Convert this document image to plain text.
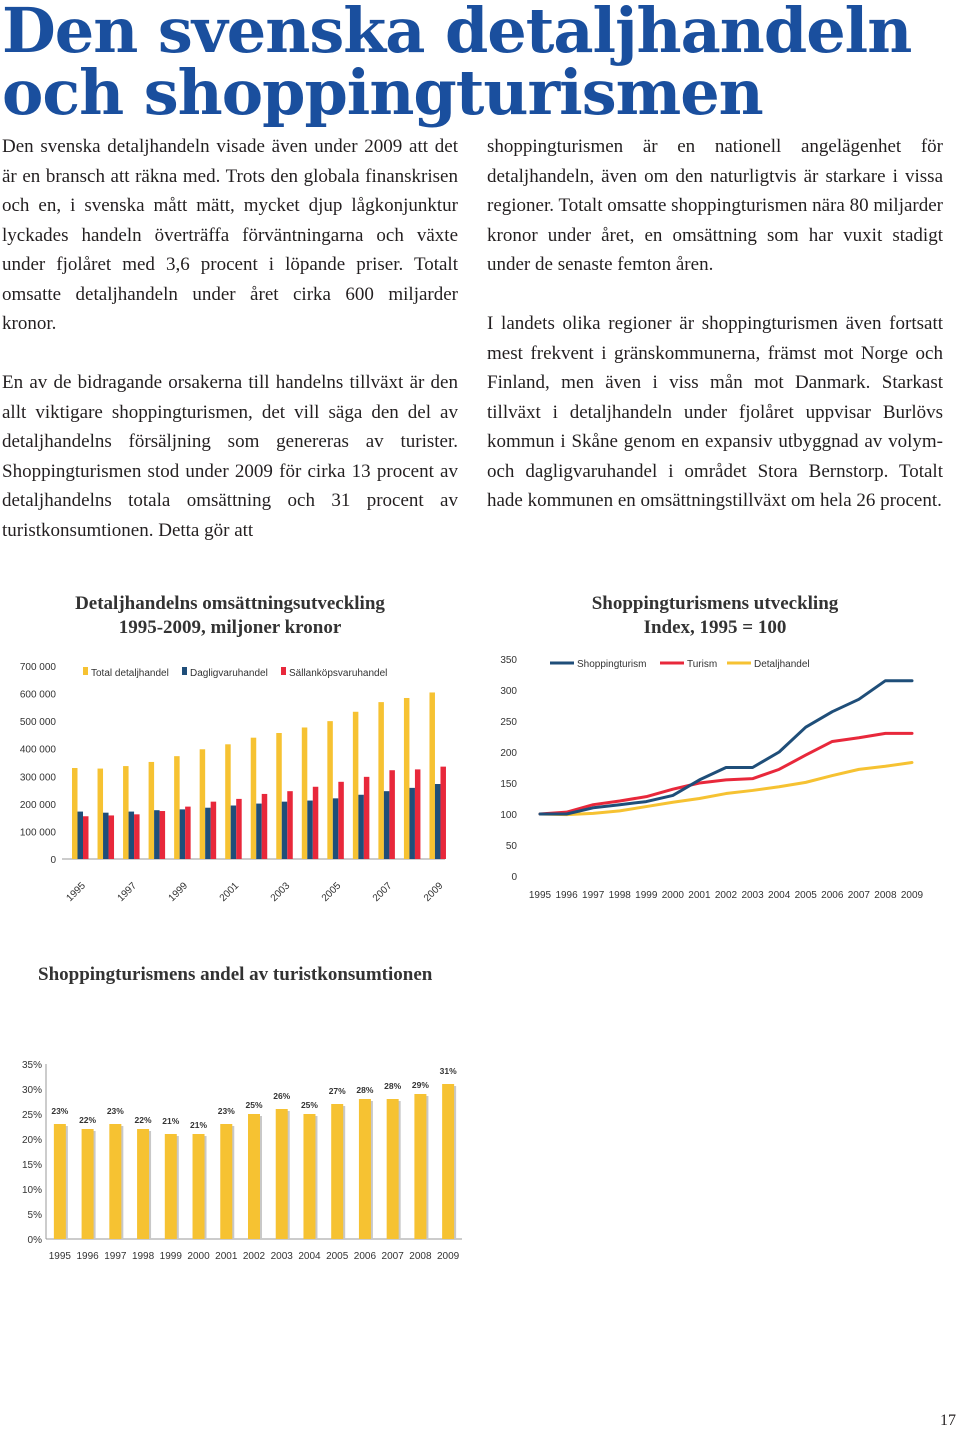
Den svenska detaljhandeln
och shoppingturismen

Den svenska detaljhandeln visade även under 2009 att det är en bransch att räkna med. Trots den globala finanskrisen och en, i svenska mått mätt, mycket djup lågkonjunktur lyckades handeln överträffa förväntningarna och växte under fjolåret med 3,6 procent i löpande priser. Totalt omsatte detaljhandeln under året cirka 600 miljarder kronor.

En av de bidragande orsakerna till handelns tillväxt är den allt viktigare shoppingturismen, det vill säga den del av detaljhandelns försäljning som genereras av turister. Shoppingturismen stod under 2009 för cirka 13 procent av detaljhandelns totala omsättning och 31 procent av turistkonsumtionen. Detta gör att

shoppingturismen är en nationell angelägenhet för detaljhandeln, även om den naturligtvis är starkare i vissa regioner. Totalt omsatte shoppingturismen nära 80 miljarder kronor under året, en omsättning som har vuxit stadigt under de senaste femton åren.

I landets olika regioner är shoppingturismen även fortsatt mest frekvent i gränskommunerna, främst mot Norge och Finland, men även i viss mån mot Danmark. Starkast tillväxt i detaljhandeln under fjolåret uppvisar Burlövs kommun i Skåne genom en expansiv utbyggnad av volym- och dagligvaruhandel i området Stora Bernstorp. Totalt hade kommunen en omsättningstillväxt om hela 26 procent.

Detaljhandelns omsättningsutveckling
1995-2009, miljoner kronor
0
100 000
200 000
300 000
400 000
500 000
600 000
700 000
1995	1997	1999	2001	2003	2005	2007	2009
Total detaljhandel Dagligvaruhandel Sällanköpsvaruhandel
Shoppingturismens utveckling
Index, 1995 = 100
0
50
100
150
200
250
300
350
1995 1996 1997 1998 1999 2000 2001 2002 2003 2004 2005 2006 2007 2008 2009
Shoppingturism	Turism	Detaljhandel
Shoppingturismens andel av turistkonsumtionen
0%
5%
10%
15%
20%
25%
30%
35%
23%
1995
22%
1996
23%
1997
22%
1998
21%
1999
21%
2000
23%
2001
25%
2002
26%
2003
25%
2004
27%
2005
28%
2006
28%
2007
29%
2008
31%
2009
17
